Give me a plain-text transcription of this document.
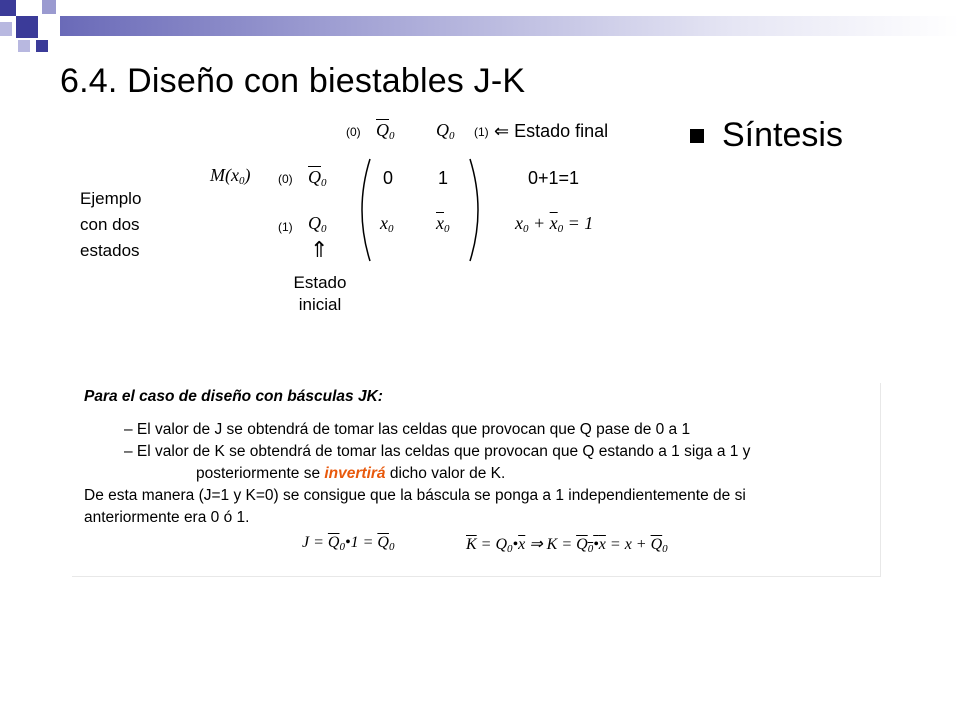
6.4. Diseño con biestables J-K
Síntesis
Ejemplo
con dos
estados
(0) $\overline{Q}_0$ $Q_0$ (1) ⇐ Estado final
$M(x_0)$ (0) $\overline{Q}_0$	0 1	0+1=1
(1) $Q_0$	$x_0$ $\overline{x}_0$	$x_0 + \overline{x}_0 = 1$
⇑
Estado
inicial
Para el caso de diseño con básculas JK:
– El valor de J se obtendrá de tomar las celdas que provocan que Q pase de 0 a 1
– El valor de K se obtendrá de tomar las celdas que provocan que Q estando a 1 siga a 1 y
posteriormente se invertirá dicho valor de K.
De esta manera (J=1 y K=0) se consigue que la báscula se ponga a 1 independientemente de si
anteriormente era 0 ó 1.
$J = \overline{Q}_0•1 = \overline{Q}_0$	$\overline{K}$ = $Q_0•\overline{x}$ ⇒ $K = Q_0•x = x + \overline{Q}_0$
